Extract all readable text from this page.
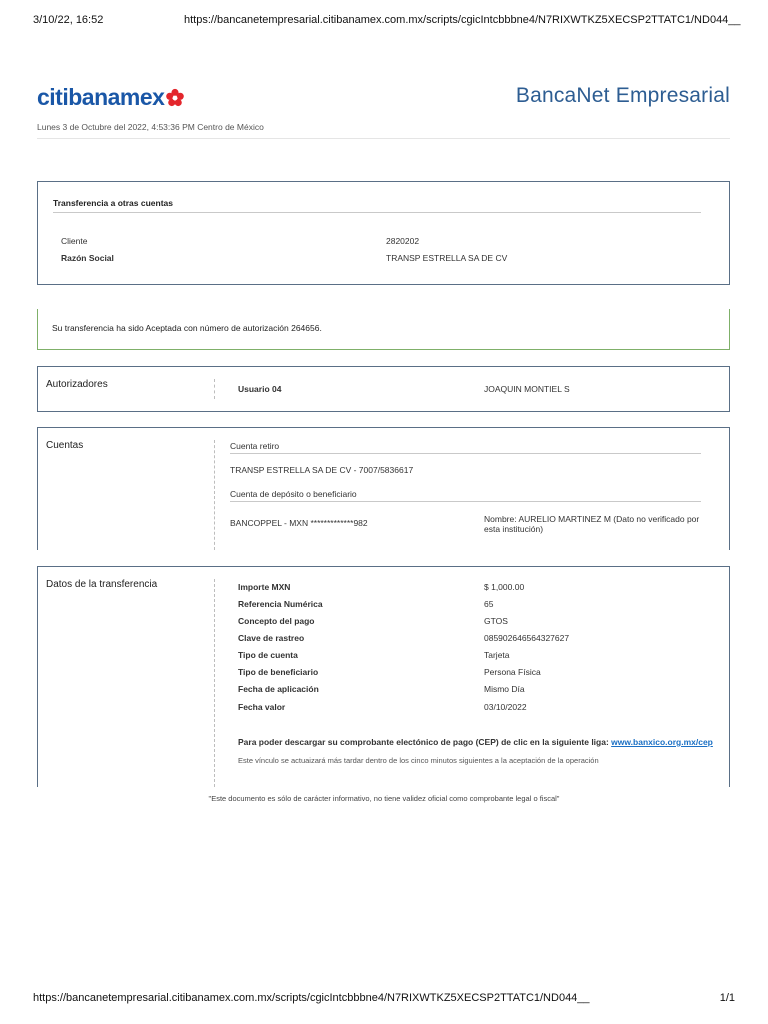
3/10/22, 16:52	https://bancanetempresarial.citibanamex.com.mx/scripts/cgicIntcbbbne4/N7RIXWTKZ5XECSP2TTATC1/ND044__
citibanamex	BancaNet Empresarial
Lunes 3 de Octubre del 2022, 4:53:36 PM Centro de México
Transferencia a otras cuentas
Cliente	2820202
Razón Social	TRANSP ESTRELLA SA DE CV
Su transferencia ha sido Aceptada con número de autorización 264656.
Autorizadores	Usuario 04	JOAQUIN MONTIEL S
Cuentas	Cuenta retiro
TRANSP ESTRELLA SA DE CV - 7007/5836617
Cuenta de depósito o beneficiario
BANCOPPEL - MXN *************982	Nombre: AURELIO MARTINEZ M (Dato no verificado por esta institución)
Datos de la transferencia	Importe MXN	$ 1,000.00
Referencia Numérica	65
Concepto del pago	GTOS
Clave de rastreo	085902646564327627
Tipo de cuenta	Tarjeta
Tipo de beneficiario	Persona Física
Fecha de aplicación	Mismo Día
Fecha valor	03/10/2022
Para poder descargar su comprobante electónico de pago (CEP) de clic en la siguiente liga: www.banxico.org.mx/cep
Este vínculo se actuaizará más tardar dentro de los cinco minutos siguientes a la aceptación de la operación
"Este documento es sólo de carácter informativo, no tiene validez oficial como comprobante legal o fiscal"
https://bancanetempresarial.citibanamex.com.mx/scripts/cgicIntcbbbne4/N7RIXWTKZ5XECSP2TTATC1/ND044__	1/1
